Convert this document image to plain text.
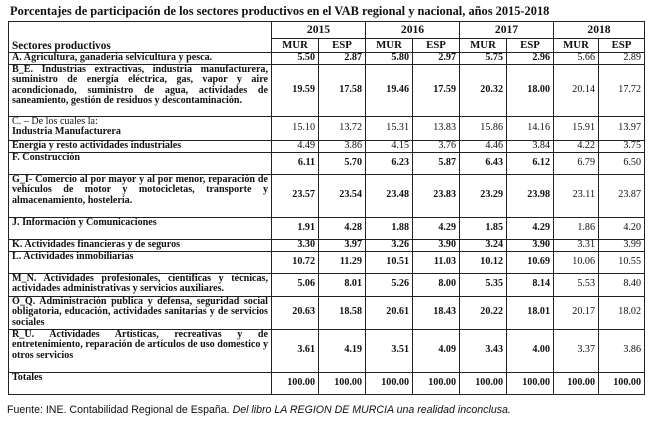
Porcentajes de participación de los sectores productivos en el VAB regional y nacional, años 2015-2018
Sectores productivos	2015		2016		2017		2018	
	MUR	ESP	MUR	ESP	MUR	ESP	MUR	ESP
A. Agricultura, ganadería selvicultura y pesca.	5.50	2.87	5.80	2.97	5.75	2.96	5.66	2.89
B_E. Industrias extractivas, industria manufacturera, suministro de energía eléctrica, gas, vapor y aire acondicionado, suministro de agua, actividades de saneamiento, gestión de residuos y descontaminación.	19.59	17.58	19.46	17.59	20.32	18.00	20.14	17.72
C. – De los cuales la:
Industria Manufacturera	15.10	13.72	15.31	13.83	15.86	14.16	15.91	13.97
Energía y resto actividades industriales	4.49	3.86	4.15	3.76	4.46	3.84	4.22	3.75
F. Construcción	6.11	5.70	6.23	5.87	6.43	6.12	6.79	6.50
G_I- Comercio al por mayor y al por menor, reparación de vehículos de motor y motocicletas, transporte y almacenamiento, hostelería.	23.57	23.54	23.48	23.83	23.29	23.98	23.11	23.87
J. Información y Comunicaciones	1.91	4.28	1.88	4.29	1.85	4.29	1.86	4.20
K. Actividades financieras y de seguros	3.30	3.97	3.26	3.90	3.24	3.90	3.31	3.99
L. Actividades inmobiliarias	10.72	11.29	10.51	11.03	10.12	10.69	10.06	10.55
M_N. Actividades profesionales, científicas y técnicas, actividades administrativas y servicios auxiliares.	5.06	8.01	5.26	8.00	5.35	8.14	5.53	8.40
O_Q. Administración publica y defensa, seguridad social obligatoria, educación, actividades sanitarias y de servicios sociales	20.63	18.58	20.61	18.43	20.22	18.01	20.17	18.02
R_U. Actividades Artísticas, recreativas y de entretenimiento, reparación de artículos de uso domestico y otros servicios	3.61	4.19	3.51	4.09	3.43	4.00	3.37	3.86
Totales	100.00	100.00	100.00	100.00	100.00	100.00	100.00	100.00
Fuente: INE. Contabilidad Regional de España. Del libro LA REGION DE MURCIA una realidad inconclusa.
